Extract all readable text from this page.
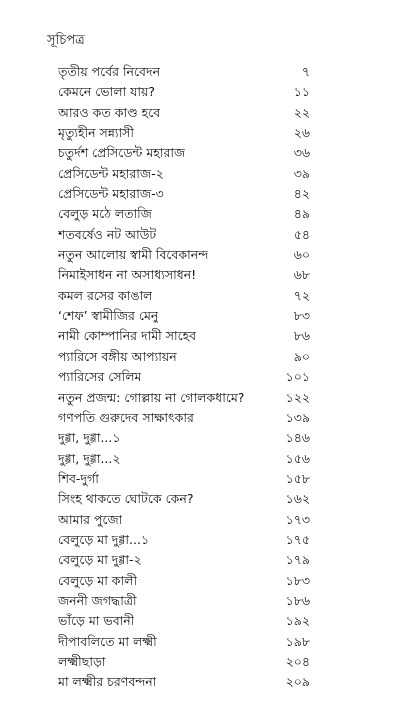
সূচিপত্র
তৃতীয় পর্বের নিবেদন	৭
কেমনে ভোলা যায়?	১১
আরও কত কাণ্ড হবে	২২
মৃত্যুহীন সন্ন্যাসী	২৬
চতুর্দশ প্রেসিডেন্ট মহারাজ	৩৬
প্রেসিডেন্ট মহারাজ-২	৩৯
প্রেসিডেন্ট মহারাজ-৩	৪২
বেলুড় মঠে লতাজি	৪৯
শতবর্ষেও নট আউট	৫৪
নতুন আলোয় স্বামী বিবেকানন্দ	৬০
নিমাইসাধন না অসাধ্যসাধন!	৬৮
কমল রসের কাঙাল	৭২
‘শেফ’ স্বামীজির মেনু	৮৩
নামী কোম্পানির দামী সাহেব	৮৬
প্যারিসে বঙ্গীয় আপ্যায়ন	৯০
প্যারিসের সেলিম	১০১
নতুন প্রজন্ম: গোল্লায় না গোলকধামে?	১২২
গণপতি গুরুদেব সাক্ষাৎকার	১৩৯
দুগ্গা, দুগ্গা...১	১৪৬
দুগ্গা, দুগ্গা...২	১৫৬
শিব-দুর্গা	১৫৮
সিংহ থাকতে ঘোটকে কেন?	১৬২
আমার পুজো	১৭৩
বেলুড়ে মা দুগ্গা...১	১৭৫
বেলুড়ে মা দুগ্গা-২	১৭৯
বেলুড়ে মা কালী	১৮৩
জননী জগদ্ধাত্রী	১৮৬
ভাঁড়ে মা ভবানী	১৯২
দীপাবলিতে মা লক্ষ্মী	১৯৮
লক্ষ্মীছাড়া	২০৪
মা লক্ষ্মীর চরণবন্দনা	২০৯
